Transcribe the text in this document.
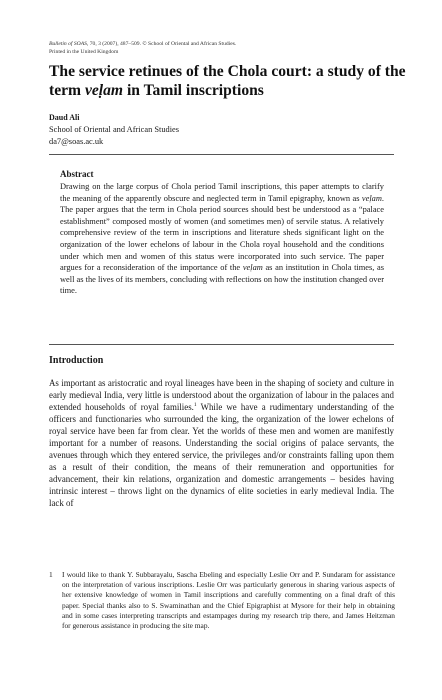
Bulletin of SOAS, 70, 3 (2007), 487–509. © School of Oriental and African Studies.
Printed in the United Kingdom
The service retinues of the Chola court: a study of the term veḷam in Tamil inscriptions
Daud Ali
School of Oriental and African Studies
da7@soas.ac.uk
Abstract

Drawing on the large corpus of Chola period Tamil inscriptions, this paper attempts to clarify the meaning of the apparently obscure and neglected term in Tamil epigraphy, known as veḷam. The paper argues that the term in Chola period sources should best be understood as a “palace establishment” composed mostly of women (and sometimes men) of servile status. A relatively comprehensive review of the term in inscriptions and literature sheds significant light on the organization of the lower echelons of labour in the Chola royal household and the conditions under which men and women of this status were incorporated into such service. The paper argues for a reconsideration of the importance of the veḷam as an institution in Chola times, as well as the lives of its members, concluding with reflections on how the institution changed over time.

Introduction

As important as aristocratic and royal lineages have been in the shaping of society and culture in early medieval India, very little is understood about the organization of labour in the palaces and extended households of royal families.$^1$ While we have a rudimentary understanding of the officers and functionaries who surrounded the king, the organization of the lower echelons of royal service have been far from clear. Yet the worlds of these men and women are manifestly important for a number of reasons. Understanding the social origins of palace servants, the avenues through which they entered service, the privileges and/or constraints falling upon them as a result of their condition, the means of their remuneration and opportunities for advancement, their kin relations, organization and domestic arrangements – besides having intrinsic interest – throws light on the dynamics of elite societies in early medieval India. The lack of

1 I would like to thank Y. Subbarayalu, Sascha Ebeling and especially Leslie Orr and P. Sundaram for assistance on the interpretation of various inscriptions. Leslie Orr was particularly generous in sharing various aspects of her extensive knowledge of women in Tamil inscriptions and carefully commenting on a final draft of this paper. Special thanks also to S. Swaminathan and the Chief Epigraphist at Mysore for their help in obtaining and in some cases interpreting transcripts and estampages during my research trip there, and James Heitzman for generous assistance in producing the site map.
